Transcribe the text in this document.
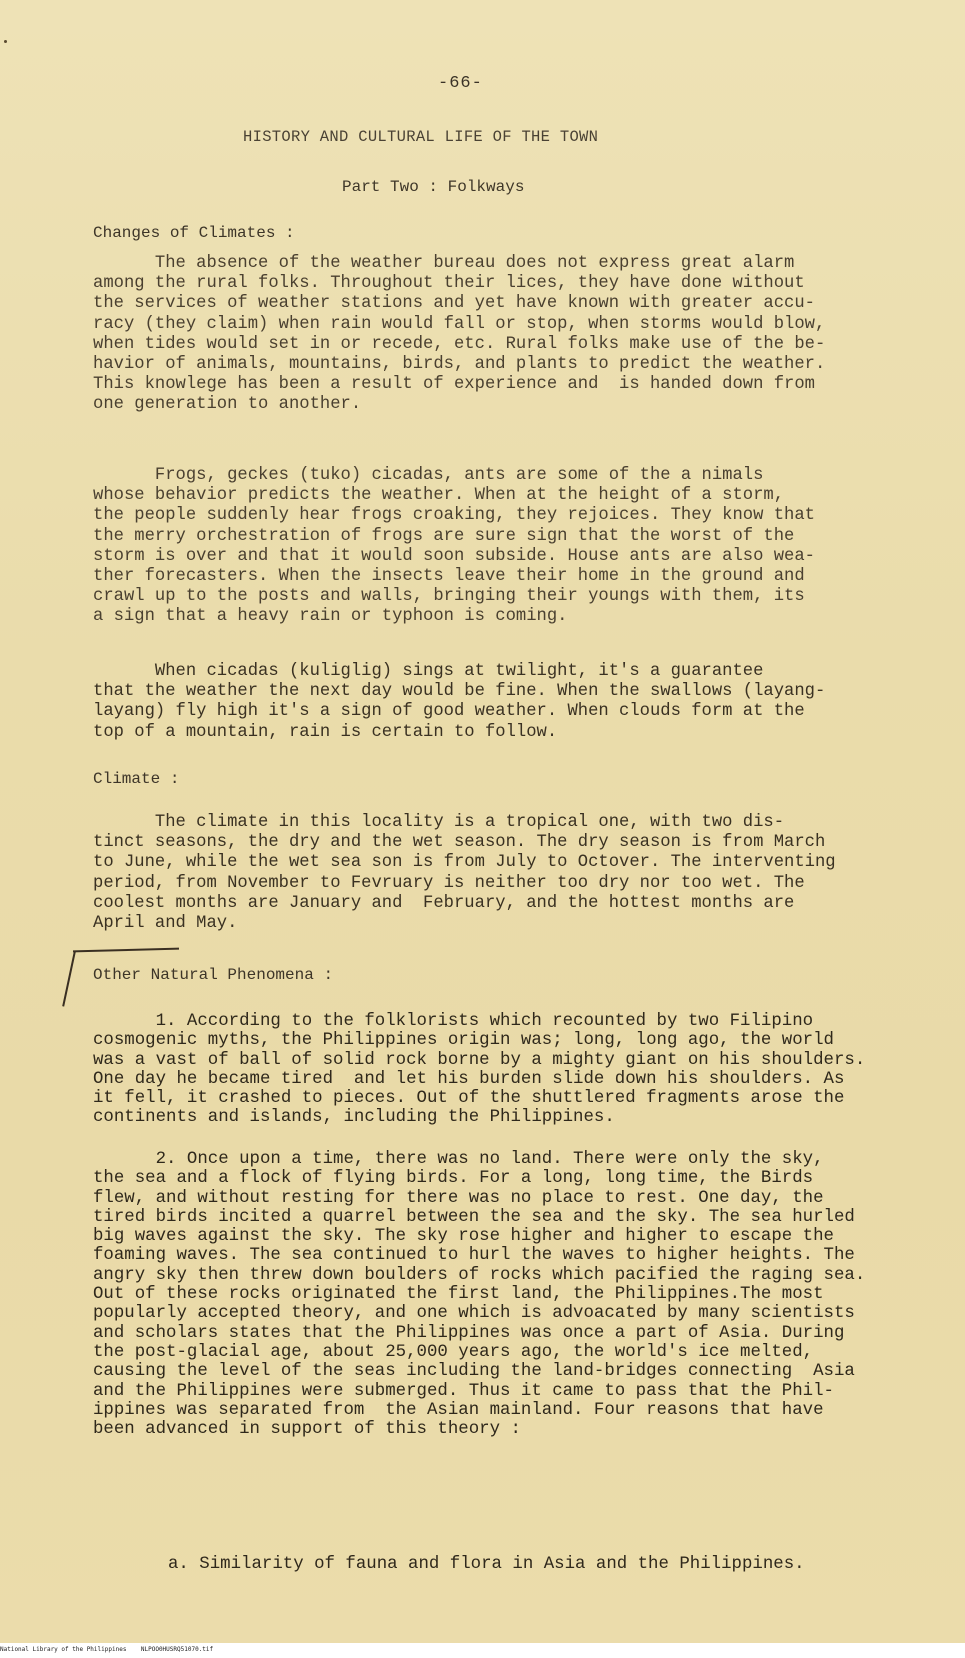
-66-
HISTORY AND CULTURAL LIFE OF THE TOWN
Part Two : Folkways
Changes of Climates :
The absence of the weather bureau does not express great alarm
among the rural folks. Throughout their lices, they have done without
the services of weather stations and yet have known with greater accu-
racy (they claim) when rain would fall or stop, when storms would blow,
when tides would set in or recede, etc. Rural folks make use of the be-
havior of animals, mountains, birds, and plants to predict the weather.
This knowlege has been a result of experience and  is handed down from
one generation to another.
Frogs, geckes (tuko) cicadas, ants are some of the a nimals
whose behavior predicts the weather. When at the height of a storm,
the people suddenly hear frogs croaking, they rejoices. They know that
the merry orchestration of frogs are sure sign that the worst of the
storm is over and that it would soon subside. House ants are also wea-
ther forecasters. When the insects leave their home in the ground and
crawl up to the posts and walls, bringing their youngs with them, its
a sign that a heavy rain or typhoon is coming.
When cicadas (kuliglig) sings at twilight, it's a guarantee
that the weather the next day would be fine. When the swallows (layang-
layang) fly high it's a sign of good weather. When clouds form at the
top of a mountain, rain is certain to follow.
Climate :
The climate in this locality is a tropical one, with two dis-
tinct seasons, the dry and the wet season. The dry season is from March
to June, while the wet sea son is from July to Octover. The interventing
period, from November to Fevruary is neither too dry nor too wet. The
coolest months are January and  February, and the hottest months are
April and May.
Other Natural Phenomena :
1. According to the folklorists which recounted by two Filipino
cosmogenic myths, the Philippines origin was; long, long ago, the world
was a vast of ball of solid rock borne by a mighty giant on his shoulders.
One day he became tired  and let his burden slide down his shoulders. As
it fell, it crashed to pieces. Out of the shuttlered fragments arose the
continents and islands, including the Philippines.
2. Once upon a time, there was no land. There were only the sky,
the sea and a flock of flying birds. For a long, long time, the Birds
flew, and without resting for there was no place to rest. One day, the
tired birds incited a quarrel between the sea and the sky. The sea hurled
big waves against the sky. The sky rose higher and higher to escape the
foaming waves. The sea continued to hurl the waves to higher heights. The
angry sky then threw down boulders of rocks which pacified the raging sea.
Out of these rocks originated the first land, the Philippines.The most
popularly accepted theory, and one which is advoacated by many scientists
and scholars states that the Philippines was once a part of Asia. During
the post-glacial age, about 25,000 years ago, the world's ice melted,
causing the level of the seas including the land-bridges connecting  Asia
and the Philippines were submerged. Thus it came to pass that the Phil-
ippines was separated from  the Asian mainland. Four reasons that have
been advanced in support of this theory :
a. Similarity of fauna and flora in Asia and the Philippines.
National Library of the Philippines    NLPOO0HUSRQ51070.tif
